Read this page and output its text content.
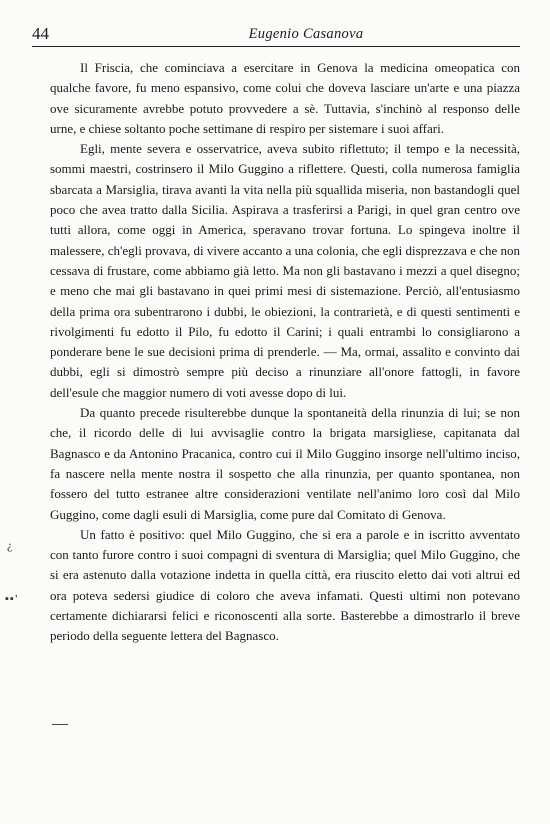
44	Eugenio Casanova

Il Friscia, che cominciava a esercitare in Genova la medicina omeopatica con qualche favore, fu meno espansivo, come colui che doveva lasciare un'arte e una piazza ove sicuramente avrebbe potuto provvedere a sè. Tuttavia, s'inchinò al responso delle urne, e chiese soltanto poche settimane di respiro per sistemare i suoi affari.

Egli, mente severa e osservatrice, aveva subito riflettuto; il tempo e la necessità, sommi maestri, costrinsero il Milo Guggino a riflettere. Questi, colla numerosa famiglia sbarcata a Marsiglia, tirava avanti la vita nella più squallida miseria, non bastandogli quel poco che avea tratto dalla Sicilia. Aspirava a trasferirsi a Parigi, in quel gran centro ove tutti allora, come oggi in America, speravano trovar fortuna. Lo spingeva inoltre il malessere, ch'egli provava, di vivere accanto a una colonia, che egli disprezzava e che non cessava di frustare, come abbiamo già letto. Ma non gli bastavano i mezzi a quel disegno; e meno che mai gli bastavano in quei primi mesi di sistemazione. Perciò, all'entusiasmo della prima ora subentrarono i dubbi, le obiezioni, la contrarietà, e di questi sentimenti e rivolgimenti fu edotto il Pilo, fu edotto il Carini; i quali entrambi lo consigliarono a ponderare bene le sue decisioni prima di prenderle. — Ma, ormai, assalito e convinto dai dubbi, egli si dimostrò sempre più deciso a rinunziare all'onore fattogli, in favore dell'esule che maggior numero di voti avesse dopo di lui.

Da quanto precede risulterebbe dunque la spontaneità della rinunzia di lui; se non che, il ricordo delle di lui avvisaglie contro la brigata marsigliese, capitanata dal Bagnasco e da Antonino Pracanica, contro cui il Milo Guggino insorge nell'ultimo inciso, fa nascere nella mente nostra il sospetto che alla rinunzia, per quanto spontanea, non fossero del tutto estranee altre considerazioni ventilate nell'animo loro così dal Milo Guggino, come dagli esuli di Marsiglia, come pure dal Comitato di Genova.

Un fatto è positivo: quel Milo Guggino, che si era a parole e in iscritto avventato con tanto furore contro i suoi compagni di sventura di Marsiglia; quel Milo Guggino, che si era astenuto dalla votazione indetta in quella città, era riuscito eletto dai voti altrui ed ora poteva sedersi giudice di coloro che aveva infamati. Questi ultimi non potevano certamente dichiararsi felici e riconoscenti alla sorte. Basterebbe a dimostrarlo il breve periodo della seguente lettera del Bagnasco.

¿
▪▪'
